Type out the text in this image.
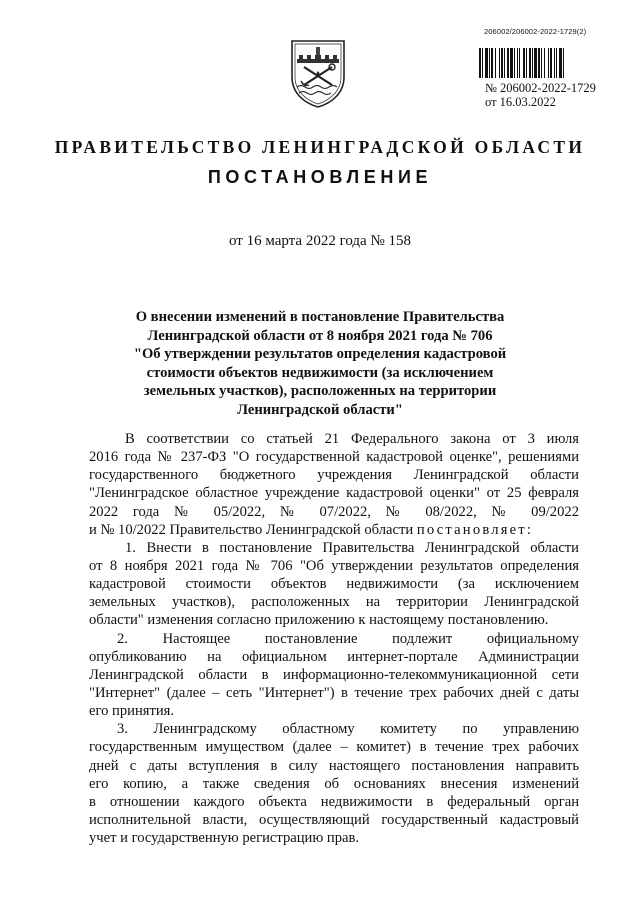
206002/206002-2022-1729(2)
№ 206002-2022-1729
от 16.03.2022
ПРАВИТЕЛЬСТВО ЛЕНИНГРАДСКОЙ ОБЛАСТИ
ПОСТАНОВЛЕНИЕ
от 16 марта 2022 года № 158
О внесении изменений в постановление Правительства
Ленинградской области от 8 ноября 2021 года № 706
"Об утверждении результатов определения кадастровой
стоимости объектов недвижимости (за исключением
земельных участков), расположенных на территории
Ленинградской области"
В соответствии со статьей 21 Федерального закона от 3 июля
2016 года № 237-ФЗ "О государственной кадастровой оценке", решениями
государственного бюджетного учреждения Ленинградской области
"Ленинградское областное учреждение кадастровой оценки" от 25 февраля
2022 года № 05/2022, № 07/2022, № 08/2022, № 09/2022
и № 10/2022 Правительство Ленинградской области постановляет:
1. Внести в постановление Правительства Ленинградской области
от 8 ноября 2021 года № 706 "Об утверждении результатов определения
кадастровой стоимости объектов недвижимости (за исключением
земельных участков), расположенных на территории Ленинградской
области" изменения согласно приложению к настоящему постановлению.
2. Настоящее постановление подлежит официальному
опубликованию на официальном интернет-портале Администрации
Ленинградской области в информационно-телекоммуникационной сети
"Интернет" (далее – сеть "Интернет") в течение трех рабочих дней с даты
его принятия.
3. Ленинградскому областному комитету по управлению
государственным имуществом (далее – комитет) в течение трех рабочих
дней с даты вступления в силу настоящего постановления направить
его копию, а также сведения об основаниях внесения изменений
в отношении каждого объекта недвижимости в федеральный орган
исполнительной власти, осуществляющий государственный кадастровый
учет и государственную регистрацию прав.
